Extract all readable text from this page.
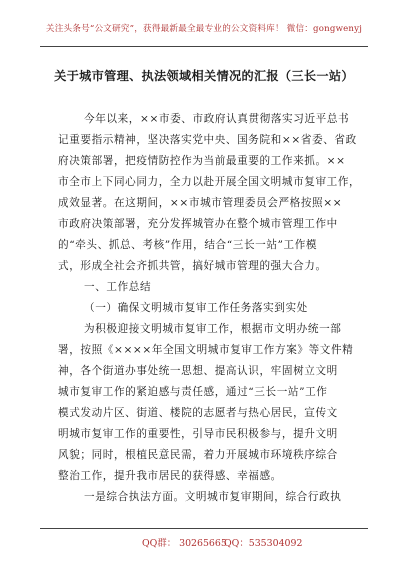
关注头条号“公文研究”，获得最新最全最专业的公文资料库！ 微信：gongwenyj
关于城市管理、执法领域相关情况的汇报（三长一站）
今年以来，××市委、市政府认真贯彻落实习近平总书
记重要指示精神，坚决落实党中央、国务院和××省委、省政
府决策部署，把疫情防控作为当前最重要的工作来抓。××
市全市上下同心同力，全力以赴开展全国文明城市复审工作，
成效显著。在这期间，××市城市管理委员会严格按照××
市政府决策部署，充分发挥城管办在整个城市管理工作中
的“牵头、抓总、考核”作用，结合“三长一站”工作模
式，形成全社会齐抓共管，搞好城市管理的强大合力。
一、工作总结
（一）确保文明城市复审工作任务落实到实处
为积极迎接文明城市复审工作，根据市文明办统一部
署，按照《××××年全国文明城市复审工作方案》等文件精
神，各个街道办事处统一思想、提高认识，牢固树立文明
城市复审工作的紧迫感与责任感，通过“三长一站”工作
模式发动片区、街道、楼院的志愿者与热心居民，宣传文
明城市复审工作的重要性，引导市民积极参与，提升文明
风貌；同时，根植民意民需，着力开展城市环境秩序综合
整治工作，提升我市居民的获得感、幸福感。
一是综合执法方面。文明城市复审期间，综合行政执
QQ群： 30265665
QQ：535304092
